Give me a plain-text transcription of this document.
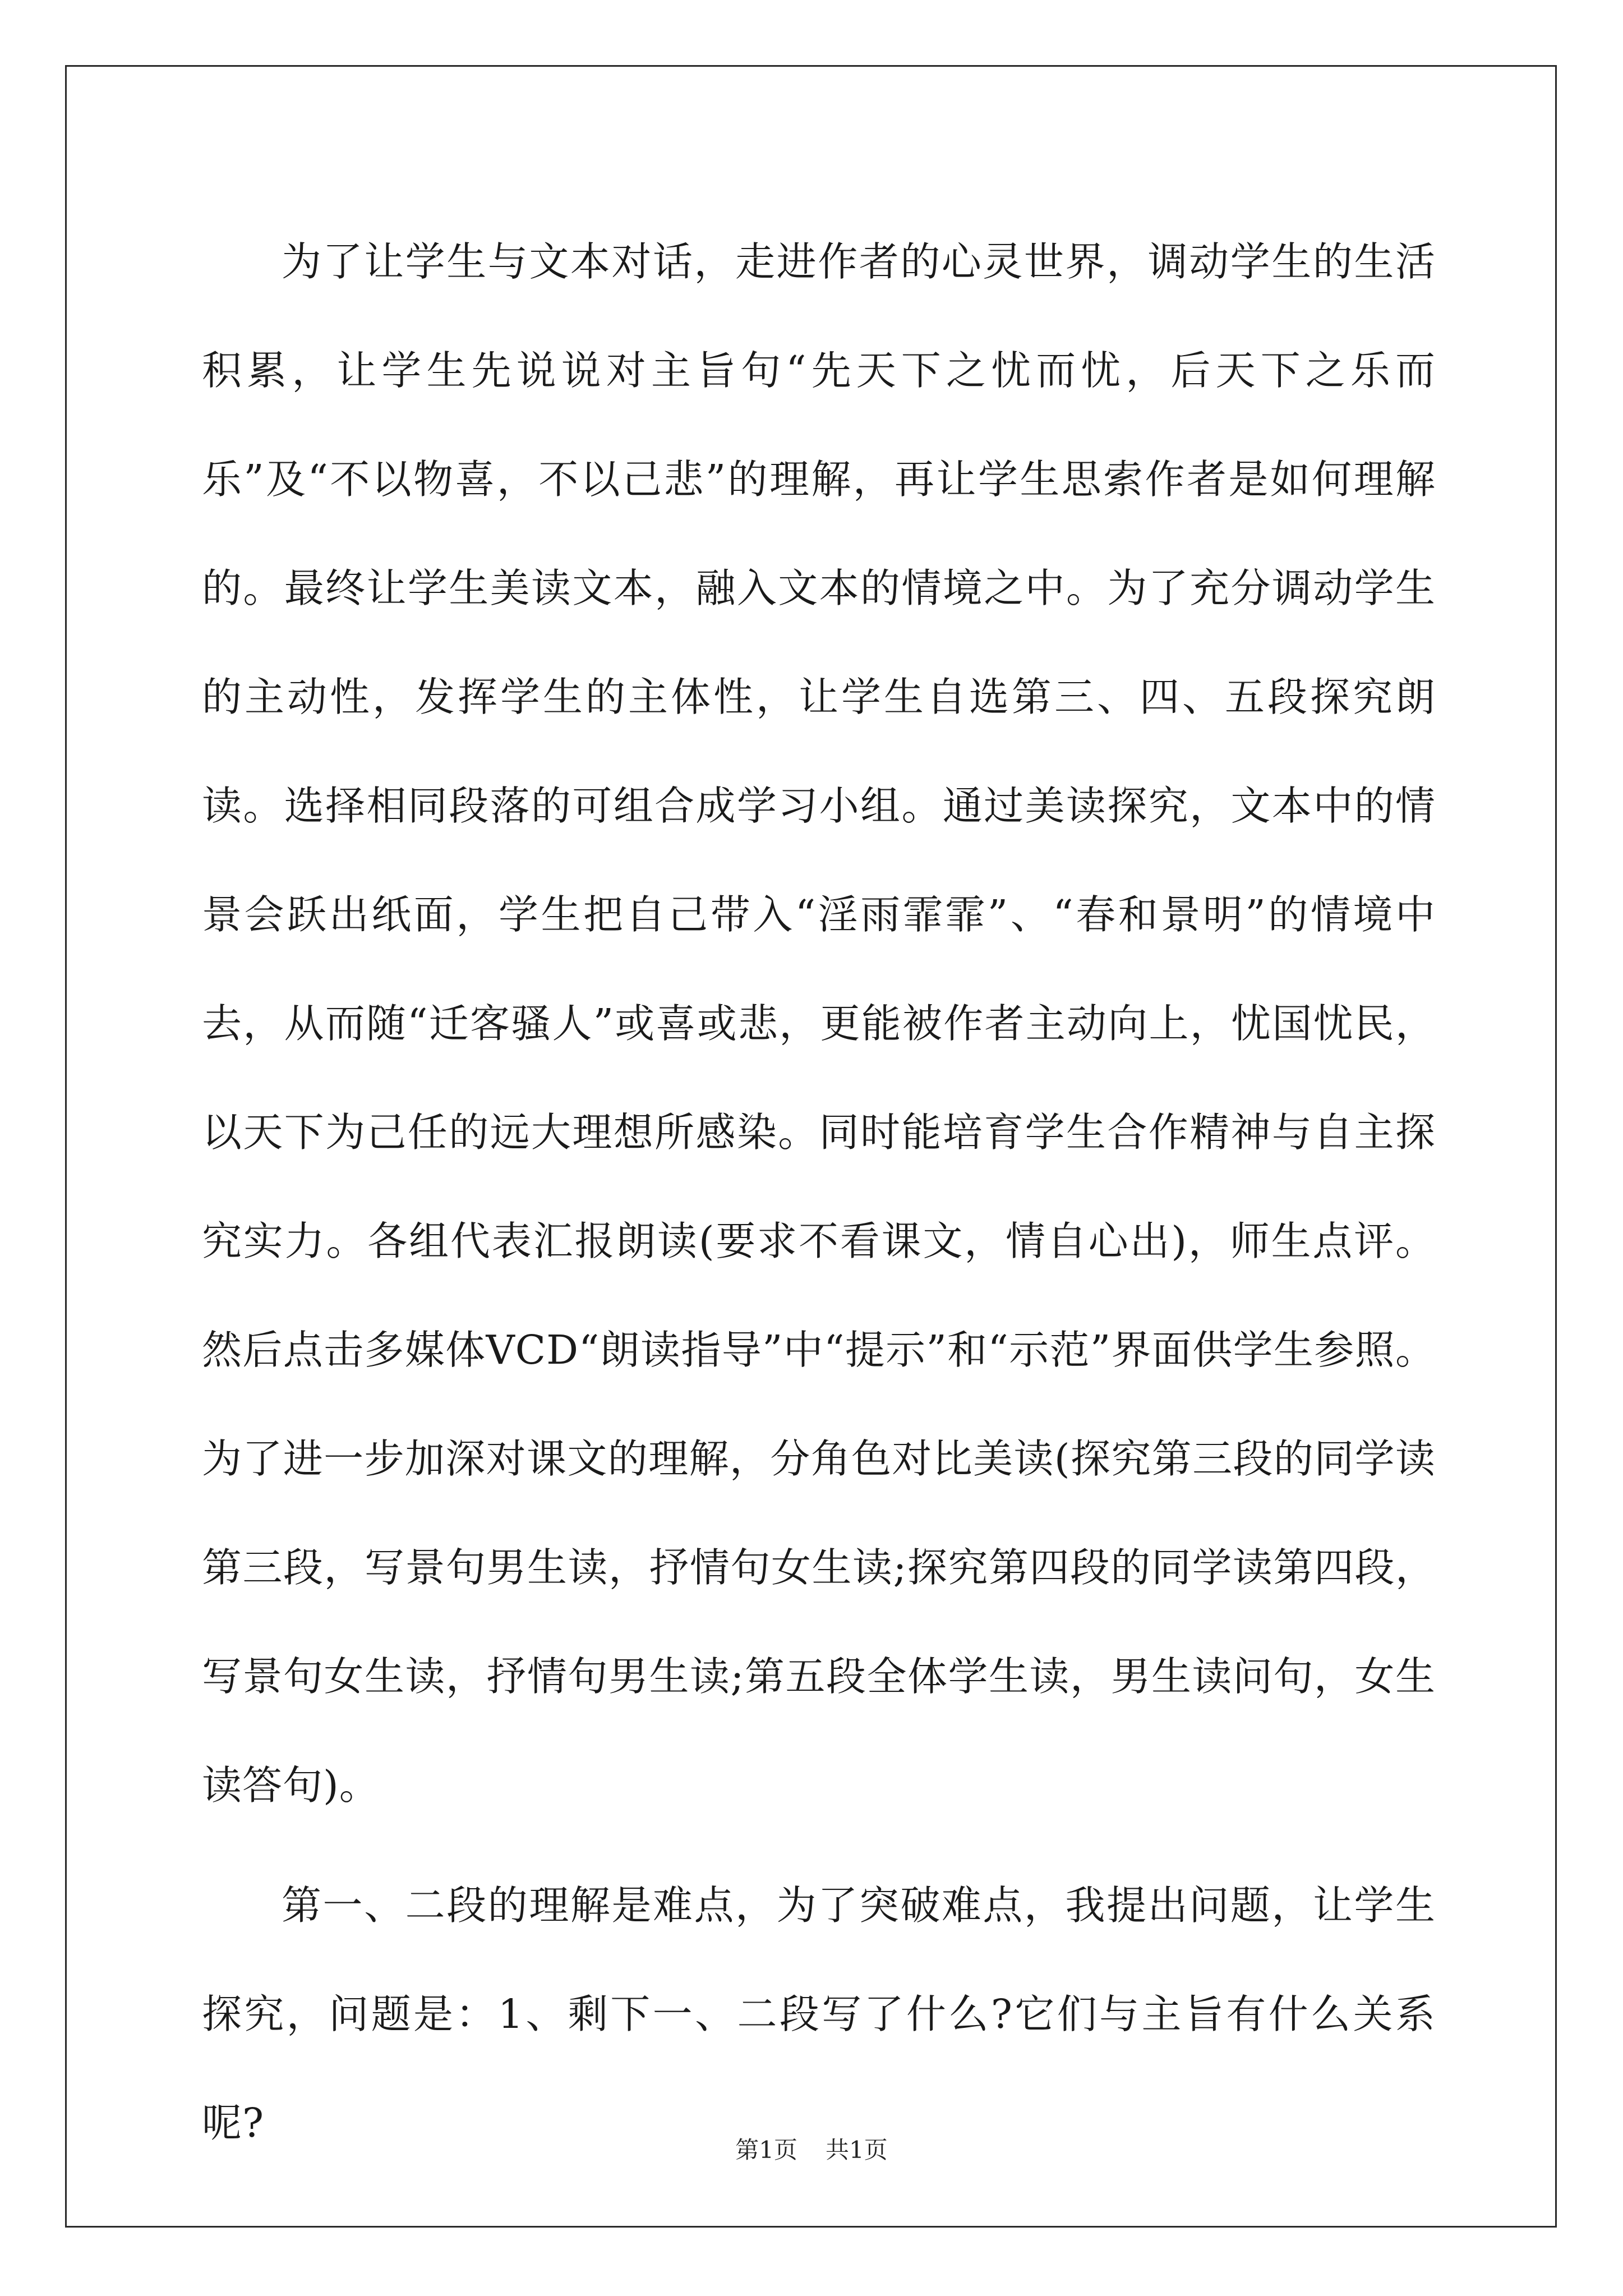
为了让学生与文本对话，走进作者的心灵世界，调动学生的生活积累，让学生先说说对主旨句“先天下之忧而忧，后天下之乐而乐”及“不以物喜，不以己悲”的理解，再让学生思索作者是如何理解的。最终让学生美读文本，融入文本的情境之中。为了充分调动学生的主动性，发挥学生的主体性，让学生自选第三、四、五段探究朗读。选择相同段落的可组合成学习小组。通过美读探究，文本中的情景会跃出纸面，学生把自己带入“淫雨霏霏”、“春和景明”的情境中去，从而随“迁客骚人”或喜或悲，更能被作者主动向上，忧国忧民，以天下为己任的远大理想所感染。同时能培育学生合作精神与自主探究实力。各组代表汇报朗读(要求不看课文，情自心出)，师生点评。然后点击多媒体VCD“朗读指导”中“提示”和“示范”界面供学生参照。为了进一步加深对课文的理解，分角色对比美读(探究第三段的同学读第三段，写景句男生读，抒情句女生读;探究第四段的同学读第四段，写景句女生读，抒情句男生读;第五段全体学生读，男生读问句，女生读答句)。

第一、二段的理解是难点，为了突破难点，我提出问题，让学生探究，问题是：1、剩下一、二段写了什么?它们与主旨有什么关系呢?

第1页 共1页
